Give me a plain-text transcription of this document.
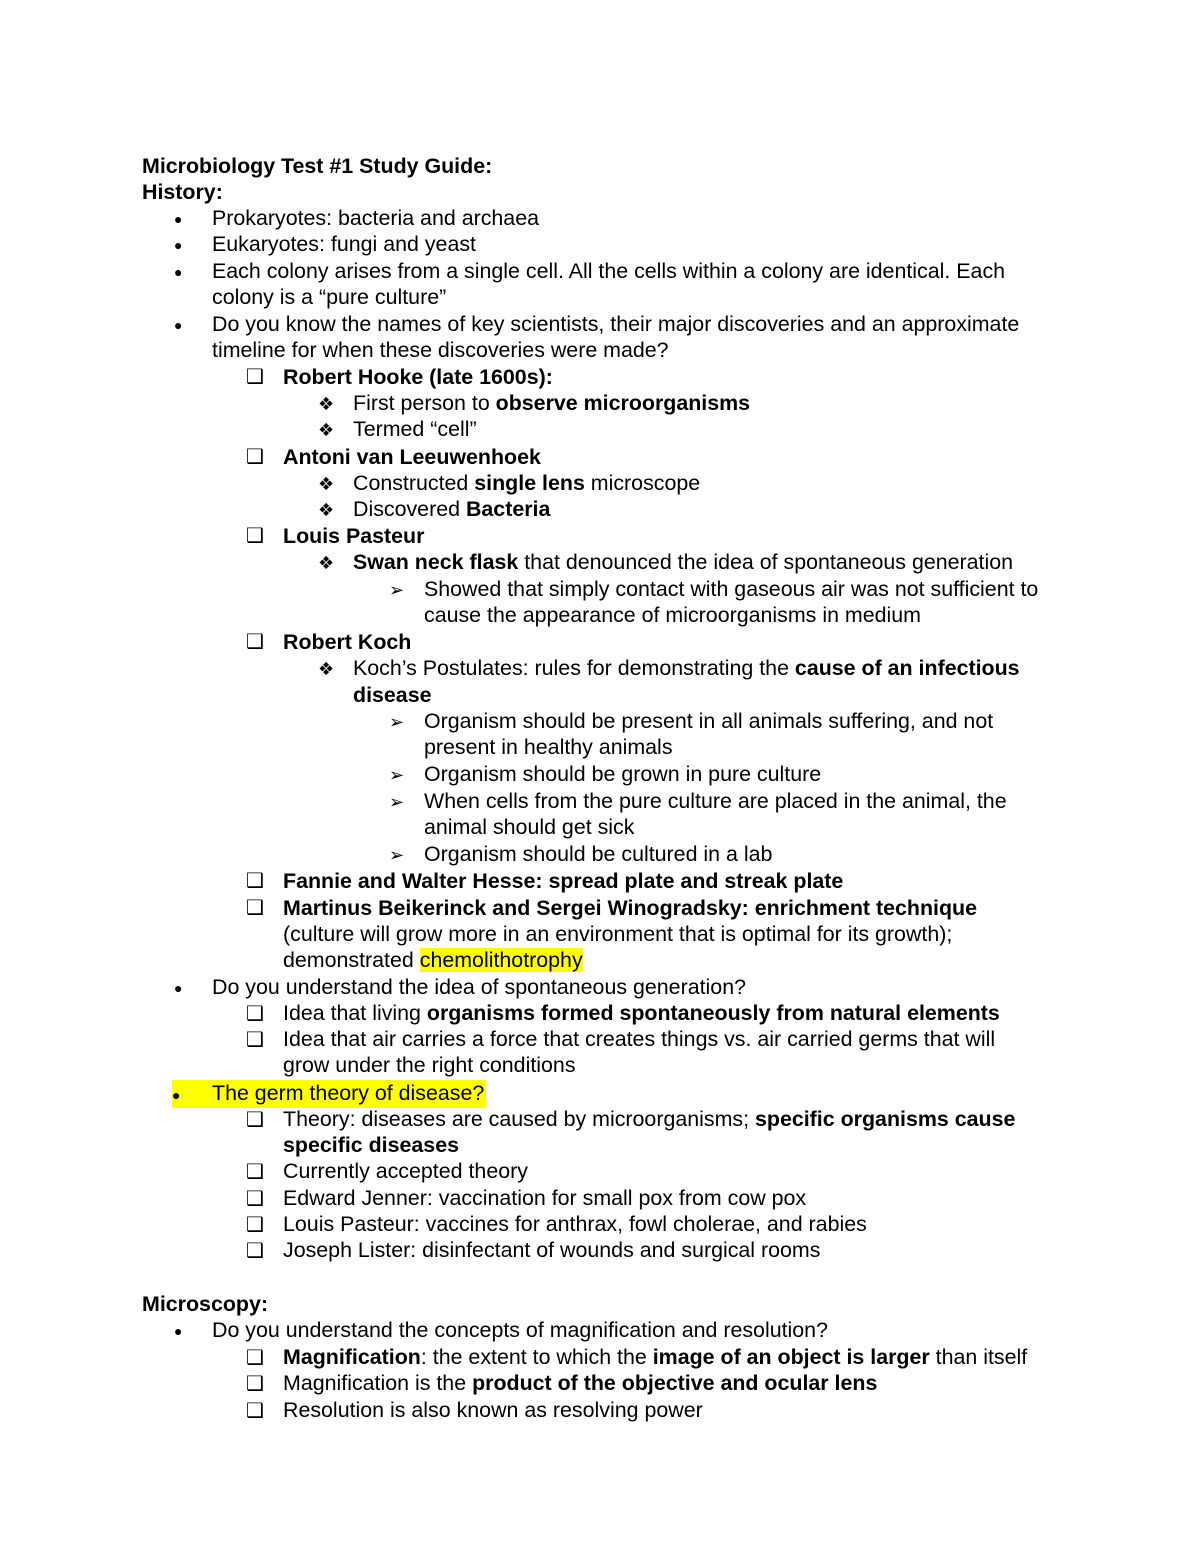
Microbiology Test #1 Study Guide:
History:
● Prokaryotes: bacteria and archaea
● Eukaryotes: fungi and yeast
● Each colony arises from a single cell. All the cells within a colony are identical. Each
colony is a “pure culture”
● Do you know the names of key scientists, their major discoveries and an approximate
timeline for when these discoveries were made?
❑ Robert Hooke (late 1600s):
❖ First person to observe microorganisms
❖ Termed “cell”
❑ Antoni van Leeuwenhoek
❖ Constructed single lens microscope
❖ Discovered Bacteria
❑ Louis Pasteur
❖ Swan neck flask that denounced the idea of spontaneous generation
➢ Showed that simply contact with gaseous air was not sufficient to
cause the appearance of microorganisms in medium
❑ Robert Koch
❖ Koch’s Postulates: rules for demonstrating the cause of an infectious
disease
➢ Organism should be present in all animals suffering, and not
present in healthy animals
➢ Organism should be grown in pure culture
➢ When cells from the pure culture are placed in the animal, the
animal should get sick
➢ Organism should be cultured in a lab
❑ Fannie and Walter Hesse: spread plate and streak plate
❑ Martinus Beikerinck and Sergei Winogradsky: enrichment technique
(culture will grow more in an environment that is optimal for its growth);
demonstrated chemolithotrophy
● Do you understand the idea of spontaneous generation?
❑ Idea that living organisms formed spontaneously from natural elements
❑ Idea that air carries a force that creates things vs. air carried germs that will
grow under the right conditions
● The germ theory of disease?
❑ Theory: diseases are caused by microorganisms; specific organisms cause
specific diseases
❑ Currently accepted theory
❑ Edward Jenner: vaccination for small pox from cow pox
❑ Louis Pasteur: vaccines for anthrax, fowl cholerae, and rabies
❑ Joseph Lister: disinfectant of wounds and surgical rooms
Microscopy:
● Do you understand the concepts of magnification and resolution?
❑ Magnification: the extent to which the image of an object is larger than itself
❑ Magnification is the product of the objective and ocular lens
❑ Resolution is also known as resolving power
